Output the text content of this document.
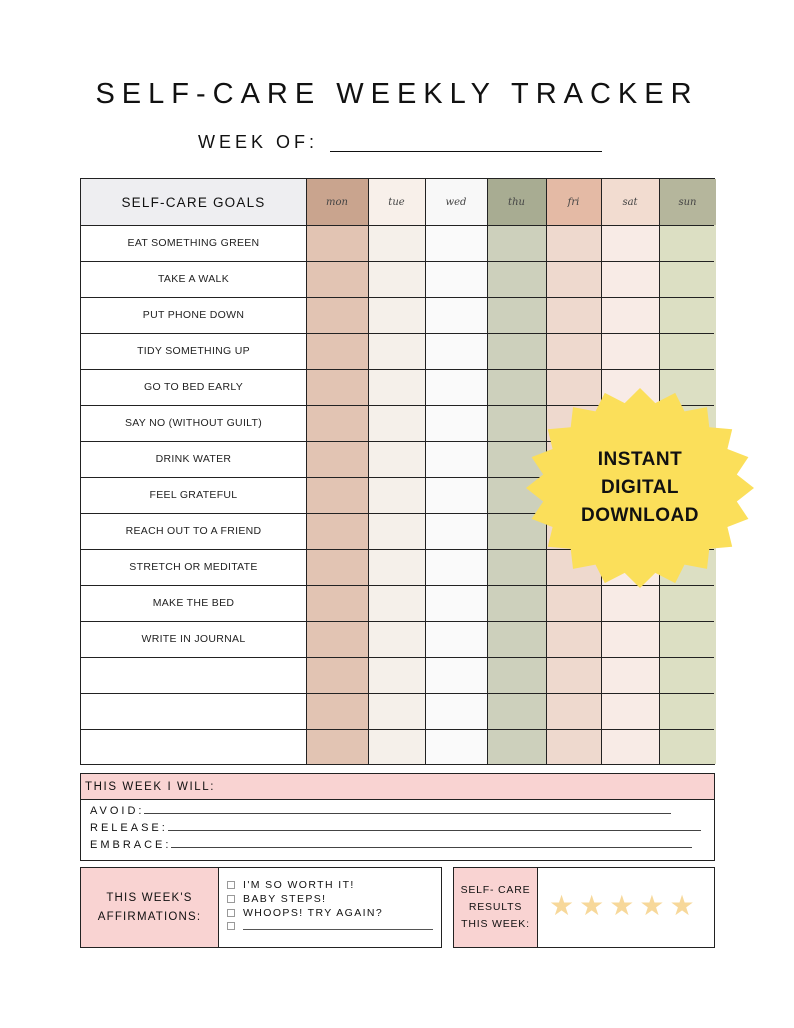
SELF-CARE WEEKLY TRACKER
WEEK OF:
SELF-CARE GOALS	mon	tue	wed	thu	fri	sat	sun
EAT SOMETHING GREEN
TAKE A WALK
PUT PHONE DOWN
TIDY SOMETHING UP
GO TO BED EARLY
SAY NO (WITHOUT GUILT)
DRINK WATER
FEEL GRATEFUL
REACH OUT TO A FRIEND
STRETCH OR MEDITATE
MAKE THE BED
WRITE IN JOURNAL
THIS WEEK I WILL:
AVOID:
RELEASE:
EMBRACE:
THIS WEEK'S
AFFIRMATIONS:
I'M SO WORTH IT!
BABY STEPS!
WHOOPS! TRY AGAIN?
SELF- CARE
RESULTS
THIS WEEK:
★ ★ ★ ★ ★
INSTANT
DIGITAL
DOWNLOAD
